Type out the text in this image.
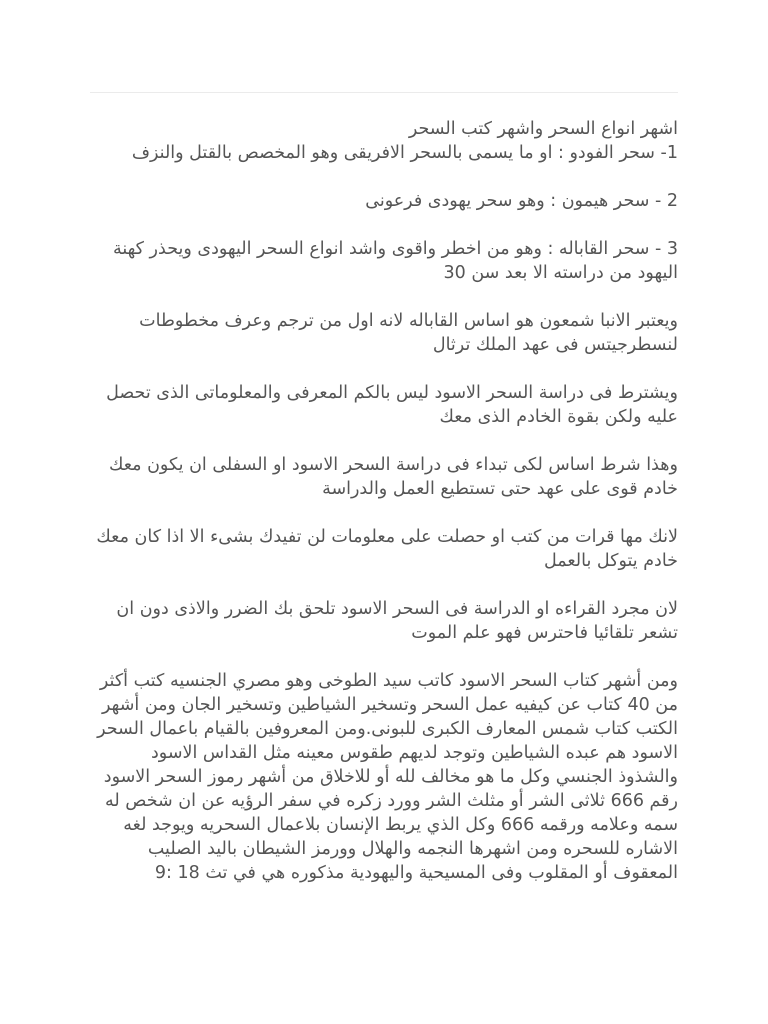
اشهر انواع السحر واشهر كتب السحر

1- سحر الفودو : او ما يسمى بالسحر الافريقى وهو المخصص بالقتل والنزف

2 - سحر هيمون : وهو سحر يهودى فرعونى

3 - سحر القاباله : وهو من اخطر واقوى واشد انواع السحر اليهودى ويحذر كهنة اليهود من دراسته الا بعد سن 30

ويعتبر الانبا شمعون هو اساس القاباله لانه اول من ترجم وعرف مخطوطات لنسطرجيتس فى عهد الملك ترثال

ويشترط فى دراسة السحر الاسود ليس بالكم المعرفى والمعلوماتى الذى تحصل عليه ولكن بقوة الخادم الذى معك

وهذا شرط اساس لكى تبداء فى دراسة السحر الاسود او السفلى ان يكون معك خادم قوى على عهد حتى تستطيع العمل والدراسة

لانك مها قرات من كتب او حصلت على معلومات لن تفيدك بشىء الا اذا كان معك خادم يتوكل بالعمل

لان مجرد القراءه او الدراسة فى السحر الاسود تلحق بك الضرر والاذى دون ان تشعر تلقائيا فاحترس فهو علم الموت

ومن أشهر كتاب السحر الاسود كاتب سيد الطوخى وهو مصري الجنسيه كتب أكثر من 40 كتاب عن كيفيه عمل السحر وتسخير الشياطين وتسخير الجان ومن أشهر الكتب كتاب شمس المعارف الكبرى للبونى.ومن المعروفين بالقيام باعمال السحر الاسود هم عبده الشياطين وتوجد لديهم طقوس معينه مثل القداس الاسود والشذوذ الجنسي وكل ما هو مخالف لله أو للاخلاق من أشهر رموز السحر الاسود رقم 666 ثلاثى الشر أو مثلث الشر وورد زكره في سفر الرؤيه عن ان شخص له سمه وعلامه ورقمه 666 وكل الذي يربط الإنسان بلاعمال السحريه ويوجد لغه الاشاره للسحره ومن اشهرها النجمه والهلال وورمز الشيطان باليد الصليب المعقوف أو المقلوب وفى المسيحية واليهودية مذكوره هي في تث 18 :9
